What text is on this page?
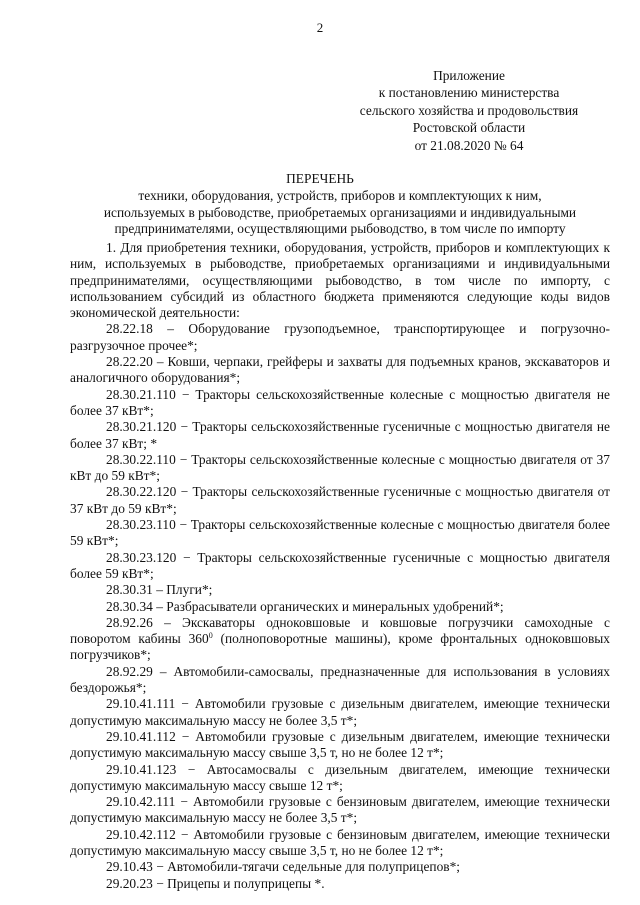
2
Приложение
к постановлению министерства
сельского хозяйства и продовольствия
Ростовской области
от 21.08.2020 № 64
ПЕРЕЧЕНЬ
техники, оборудования, устройств, приборов и комплектующих к ним,
используемых в рыбоводстве, приобретаемых организациями и индивидуальными
предпринимателями, осуществляющими рыбоводство, в том числе по импорту

1. Для приобретения техники, оборудования, устройств, приборов и комплектующих к ним, используемых в рыбоводстве, приобретаемых организациями и индивидуальными предпринимателями, осуществляющими рыбоводство, в том числе по импорту, с использованием субсидий из областного бюджета применяются следующие коды видов экономической деятельности:

28.22.18 – Оборудование грузоподъемное, транспортирующее и погрузочно-разгрузочное прочее*;

28.22.20 – Ковши, черпаки, грейферы и захваты для подъемных кранов, экскаваторов и аналогичного оборудования*;

28.30.21.110 − Тракторы сельскохозяйственные колесные с мощностью двигателя не более 37 кВт*;

28.30.21.120 − Тракторы сельскохозяйственные гусеничные с мощностью двигателя не более 37 кВт; *

28.30.22.110 − Тракторы сельскохозяйственные колесные с мощностью двигателя от 37 кВт до 59 кВт*;

28.30.22.120 − Тракторы сельскохозяйственные гусеничные с мощностью двигателя от 37 кВт до 59 кВт*;

28.30.23.110 − Тракторы сельскохозяйственные колесные с мощностью двигателя более 59 кВт*;

28.30.23.120 − Тракторы сельскохозяйственные гусеничные с мощностью двигателя более 59 кВт*;

28.30.31 – Плуги*;

28.30.34 – Разбрасыватели органических и минеральных удобрений*;

28.92.26 – Экскаваторы одноковшовые и ковшовые погрузчики самоходные с поворотом кабины $360^0$ (полноповоротные машины), кроме фронтальных одноковшовых погрузчиков*;

28.92.29 – Автомобили-самосвалы, предназначенные для использования в условиях бездорожья*;

29.10.41.111 − Автомобили грузовые с дизельным двигателем, имеющие технически допустимую максимальную массу не более 3,5 т*;

29.10.41.112 − Автомобили грузовые с дизельным двигателем, имеющие технически допустимую максимальную массу свыше 3,5 т, но не более 12 т*;

29.10.41.123 − Автосамосвалы с дизельным двигателем, имеющие технически допустимую максимальную массу свыше 12 т*;

29.10.42.111 − Автомобили грузовые с бензиновым двигателем, имеющие технически допустимую максимальную массу не более 3,5 т*;

29.10.42.112 − Автомобили грузовые с бензиновым двигателем, имеющие технически допустимую максимальную массу свыше 3,5 т, но не более 12 т*;

29.10.43 − Автомобили-тягачи седельные для полуприцепов*;

29.20.23 − Прицепы и полуприцепы *.
